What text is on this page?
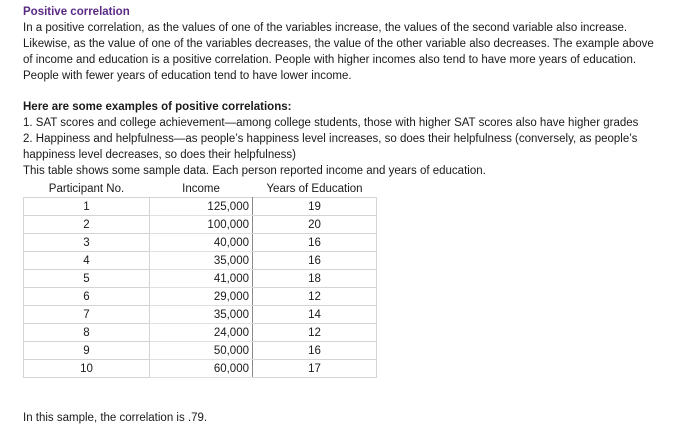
Positive correlation
In a positive correlation, as the values of one of the variables increase, the values of the second variable also increase.
Likewise, as the value of one of the variables decreases, the value of the other variable also decreases. The example above
of income and education is a positive correlation. People with higher incomes also tend to have more years of education.
People with fewer years of education tend to have lower income.
Here are some examples of positive correlations:
1. SAT scores and college achievement—among college students, those with higher SAT scores also have higher grades
2. Happiness and helpfulness—as people’s happiness level increases, so does their helpfulness (conversely, as people’s
happiness level decreases, so does their helpfulness)
This table shows some sample data. Each person reported income and years of education.
Participant No.	Income	Years of Education
1	125,000	19
2	100,000	20
3	40,000	16
4	35,000	16
5	41,000	18
6	29,000	12
7	35,000	14
8	24,000	12
9	50,000	16
10	60,000	17
In this sample, the correlation is .79.
